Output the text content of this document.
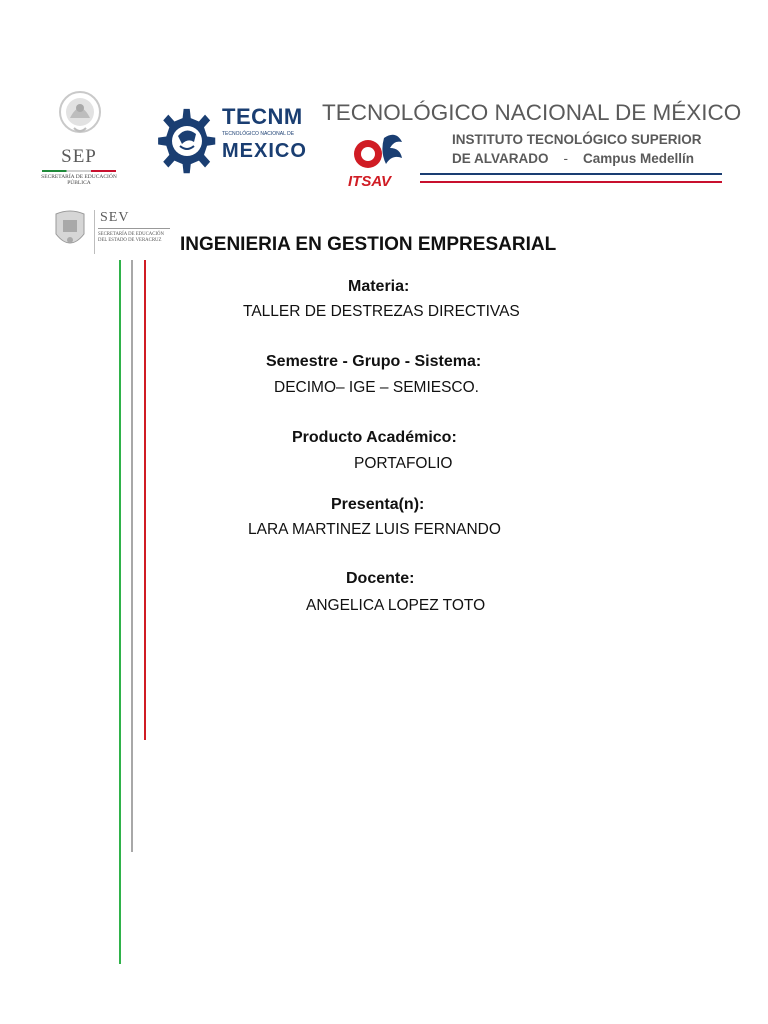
SEP
SECRETARÍA DE EDUCACIÓN PÚBLICA
TECNM
TECNOLÓGICO NACIONAL DE
MEXICO
TECNOLÓGICO NACIONAL DE MÉXICO
INSTITUTO TECNOLÓGICO SUPERIOR
DE ALVARADO - Campus Medellín
ITSAV
SEV
SECRETARÍA DE EDUCACIÓN DEL ESTADO DE VERACRUZ INGENIERIA EN GESTION EMPRESARIAL
Materia:
TALLER DE DESTREZAS DIRECTIVAS
Semestre - Grupo - Sistema:
DECIMO– IGE – SEMIESCO.
Producto Académico:
PORTAFOLIO
Presenta(n):
LARA MARTINEZ LUIS FERNANDO
Docente:
ANGELICA LOPEZ TOTO
